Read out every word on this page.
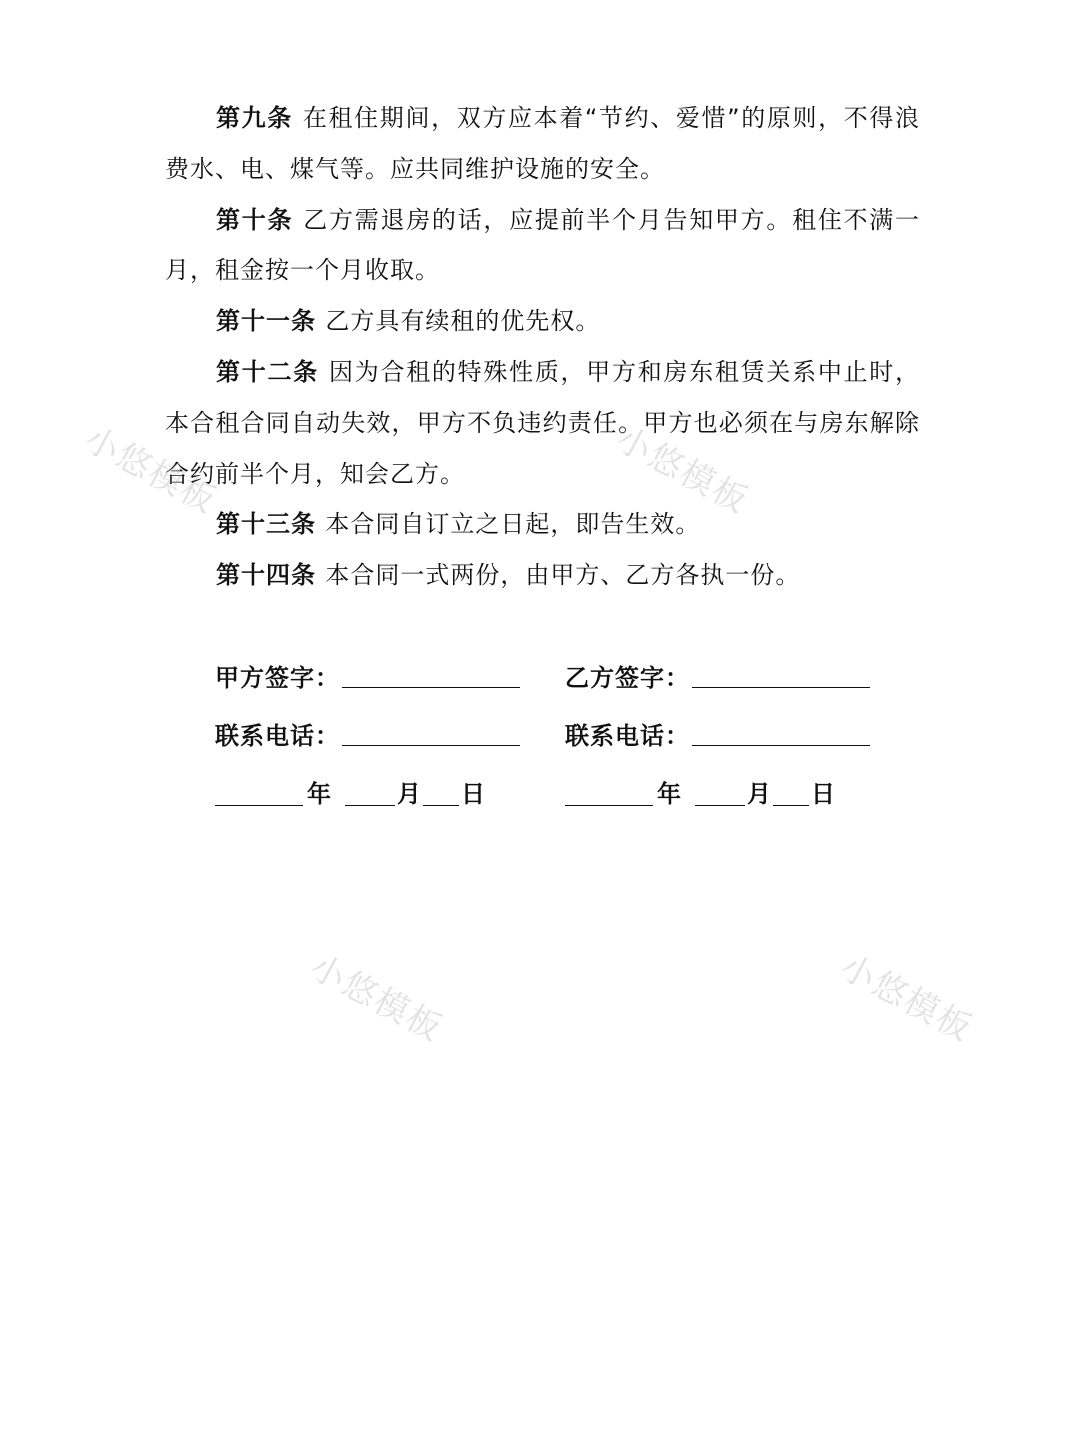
第九条 在租住期间，双方应本着“节约、爱惜”的原则，不得浪费水、电、煤气等。应共同维护设施的安全。

第十条 乙方需退房的话，应提前半个月告知甲方。租住不满一月，租金按一个月收取。

第十一条 乙方具有续租的优先权。

第十二条 因为合租的特殊性质，甲方和房东租赁关系中止时，本合租合同自动失效，甲方不负违约责任。甲方也必须在与房东解除合约前半个月，知会乙方。

第十三条 本合同自订立之日起，即告生效。

第十四条 本合同一式两份，由甲方、乙方各执一份。

甲方签字：	乙方签字：
联系电话：	联系电话：
年	月 日	年	月 日
小悠模板	小悠模板
小悠模板	小悠模板
